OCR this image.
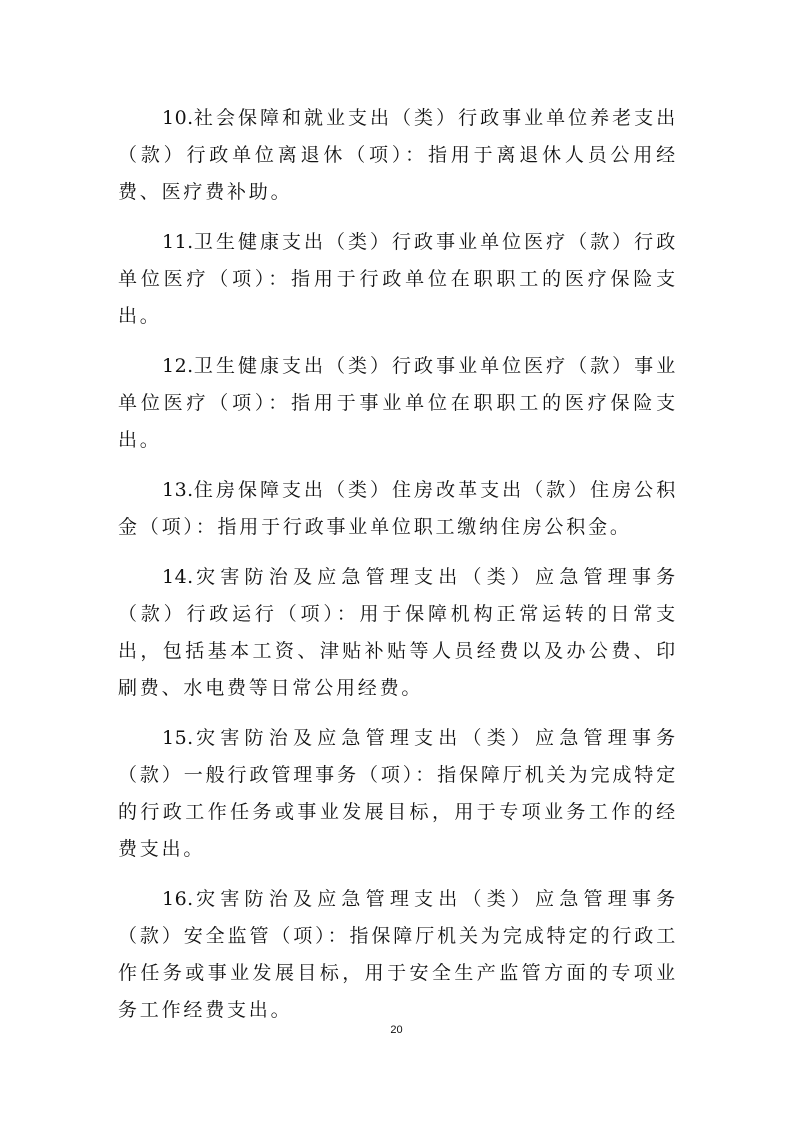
10.社会保障和就业支出（类）行政事业单位养老支出（款）行政单位离退休（项）：指用于离退休人员公用经费、医疗费补助。

11.卫生健康支出（类）行政事业单位医疗（款）行政单位医疗（项）：指用于行政单位在职职工的医疗保险支出。

12.卫生健康支出（类）行政事业单位医疗（款）事业单位医疗（项）：指用于事业单位在职职工的医疗保险支出。

13.住房保障支出（类）住房改革支出（款）住房公积金（项）：指用于行政事业单位职工缴纳住房公积金。

14.灾害防治及应急管理支出（类）应急管理事务（款）行政运行（项）：用于保障机构正常运转的日常支出，包括基本工资、津贴补贴等人员经费以及办公费、印刷费、水电费等日常公用经费。

15.灾害防治及应急管理支出（类）应急管理事务（款）一般行政管理事务（项）：指保障厅机关为完成特定的行政工作任务或事业发展目标，用于专项业务工作的经费支出。

16.灾害防治及应急管理支出（类）应急管理事务（款）安全监管（项）：指保障厅机关为完成特定的行政工作任务或事业发展目标，用于安全生产监管方面的专项业务工作经费支出。

20
